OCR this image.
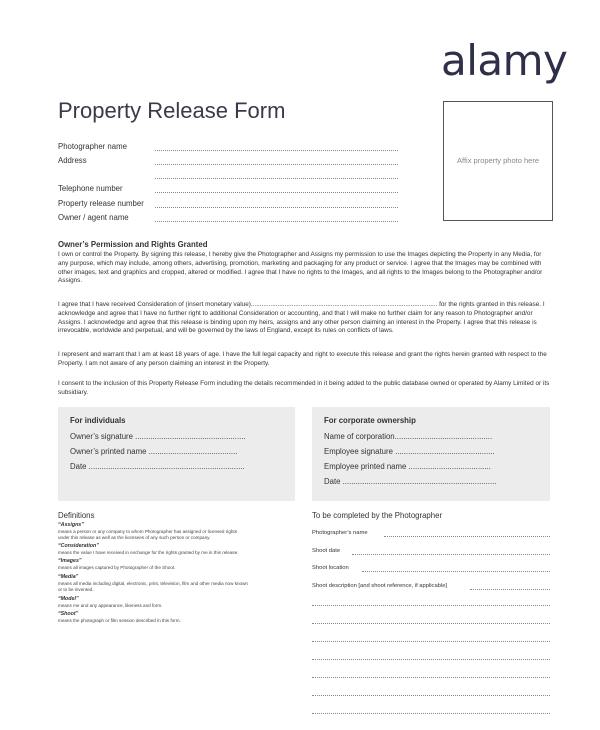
alamy
Property Release Form
Photographer name
Address
Telephone number
Property release number
Owner / agent name
Affix property photo here
Owner’s Permission and Rights Granted
I own or control the Property. By signing this release, I hereby give the Photographer and Assigns my permission to use the Images depicting the Property in any Media, for any purpose, which may include, among others, advertising, promotion, marketing and packaging for any product or service. I agree that the Images may be combined with other images, text and graphics and cropped, altered or modified. I agree that I have no rights to the Images, and all rights to the Images belong to the Photographer and/or Assigns.
I agree that I have received Consideration of (insert monetary value)......................................................................................................... for the rights granted in this release. I acknowledge and agree that I have no further right to additional Consideration or accounting, and that I will make no further claim for any reason to Photographer and/or Assigns. I acknowledge and agree that this release is binding upon my heirs, assigns and any other person claiming an interest in the Property. I agree that this release is irrevocable, worldwide and perpetual, and will be governed by the laws of England, except its rules on conflicts of laws.
I represent and warrant that I am at least 18 years of age. I have the full legal capacity and right to execute this release and grant the rights herein granted with respect to the Property. I am not aware of any person claiming an interest in the Property.
I consent to the inclusion of this Property Release Form including the details recommended in it being added to the public database owned or operated by Alamy Limited or its subsidiary.
For individuals
Owner’s signature ...................................................
Owner’s printed name .........................................
Date ........................................................................
For corporate ownership
Name of corporation.............................................
Employee signature ..............................................
Employee printed name ......................................
Date .......................................................................
Definitions
“Assigns”
means a person or any company to whom Photographer has assigned or licensed rights
under this release as well as the licensees of any such person or company.
“Consideration”
means the value I have received in exchange for the rights granted by me in this release.
“Images”
means all images captured by Photographer of the Shoot.
“Media”
means all media including digital, electronic, print, television, film and other media now known
or to be invented.
“Model”
means me and any appearance, likeness and form.
“Shoot”
means the photograph or film session described in this form.
To be completed by the Photographer
Photographer’s name
Shoot date
Shoot location
Shoot description [and shoot reference, if applicable]
